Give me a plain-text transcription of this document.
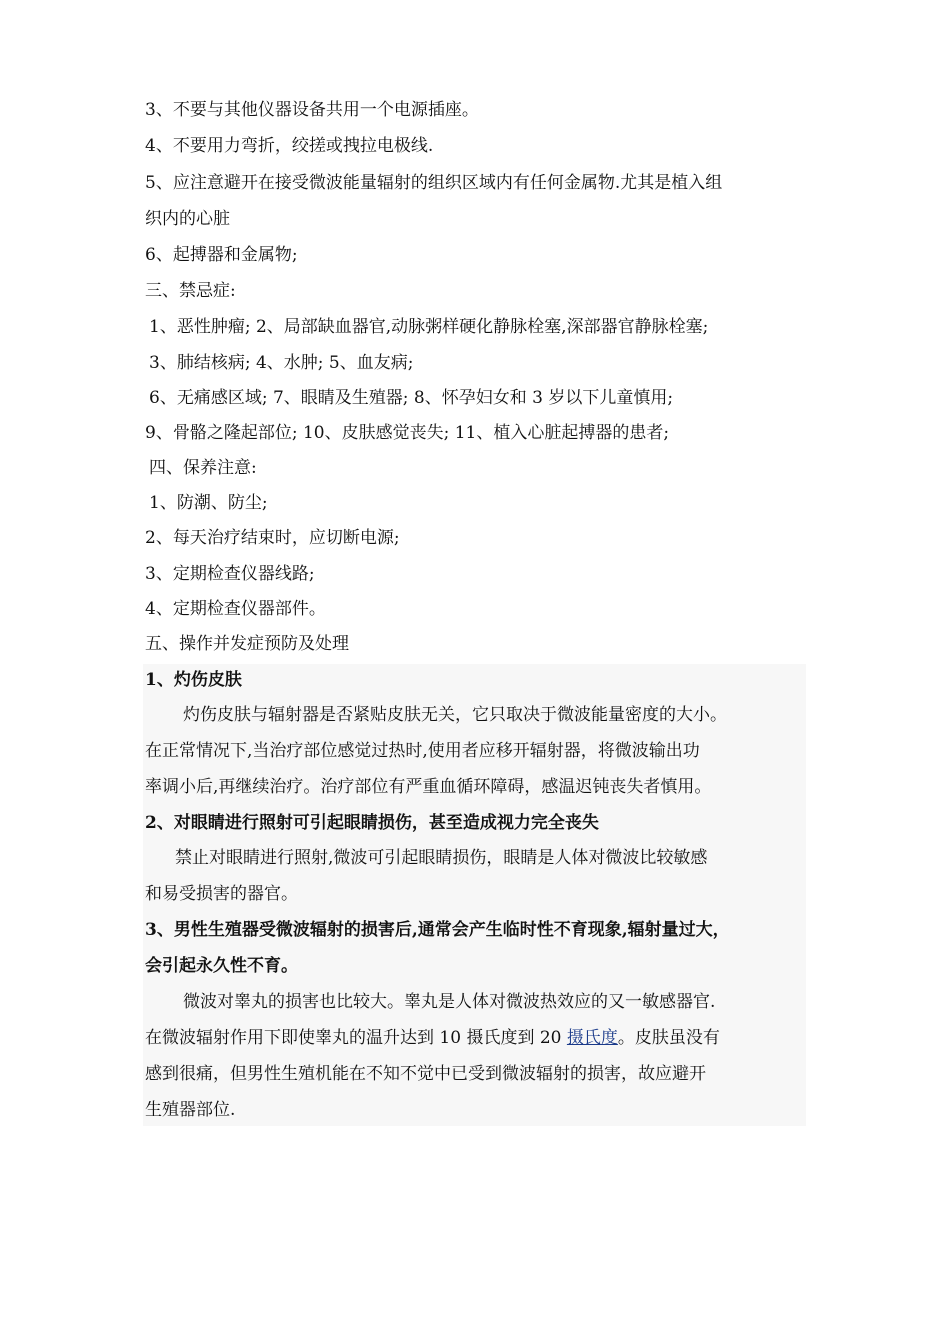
3、不要与其他仪器设备共用一个电源插座。
4、不要用力弯折，绞搓或拽拉电极线.
5、应注意避开在接受微波能量辐射的组织区域内有任何金属物.尤其是植入组
织内的心脏
6、起搏器和金属物;
三、禁忌症:
1、恶性肿瘤; 2、局部缺血器官,动脉粥样硬化静脉栓塞,深部器官静脉栓塞;
3、肺结核病; 4、水肿; 5、血友病;
6、无痛感区域; 7、眼睛及生殖器; 8、怀孕妇女和 3 岁以下儿童慎用;
9、骨骼之隆起部位; 10、皮肤感觉丧失; 11、植入心脏起搏器的患者;
四、保养注意:
1、防潮、防尘;
2、每天治疗结束时，应切断电源;
3、定期检查仪器线路;
4、定期检查仪器部件。
五、操作并发症预防及处理
1、灼伤皮肤
灼伤皮肤与辐射器是否紧贴皮肤无关，它只取决于微波能量密度的大小。
在正常情况下,当治疗部位感觉过热时,使用者应移开辐射器，将微波输出功
率调小后,再继续治疗。治疗部位有严重血循环障碍，感温迟钝丧失者慎用。
2、对眼睛进行照射可引起眼睛损伤，甚至造成视力完全丧失
禁止对眼睛进行照射,微波可引起眼睛损伤，眼睛是人体对微波比较敏感
和易受损害的器官。
3、男性生殖器受微波辐射的损害后,通常会产生临时性不育现象,辐射量过大，
会引起永久性不育。
微波对睾丸的损害也比较大。睾丸是人体对微波热效应的又一敏感器官.
在微波辐射作用下即使睾丸的温升达到 10 摄氏度到 20 摄氏度。皮肤虽没有
感到很痛，但男性生殖机能在不知不觉中已受到微波辐射的损害，故应避开
生殖器部位.
